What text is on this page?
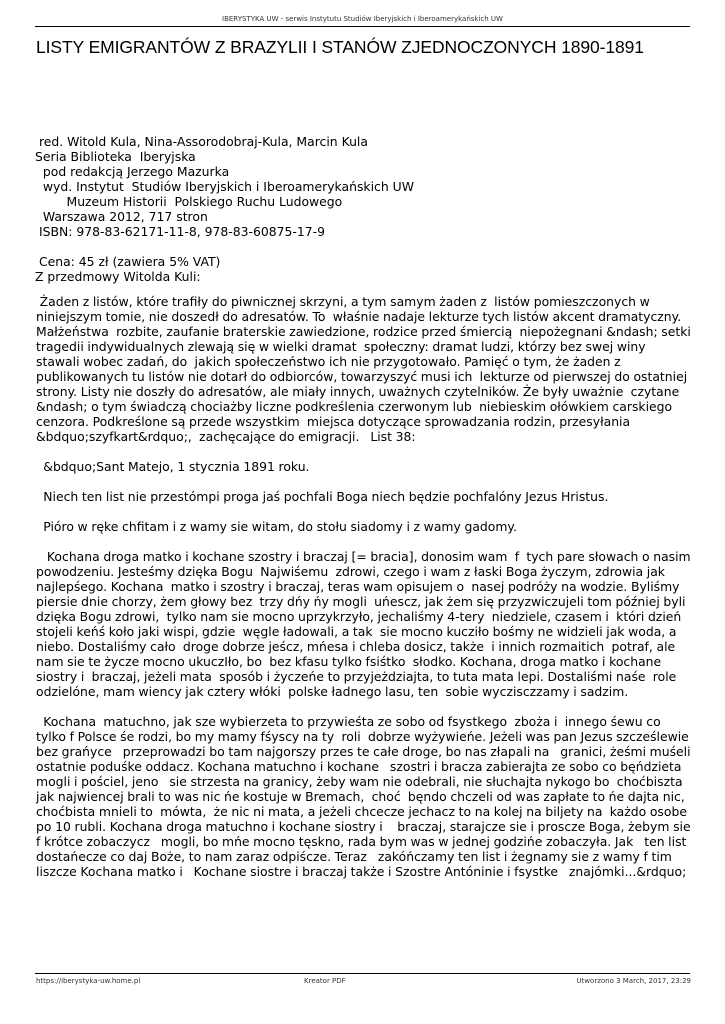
IBERYSTYKA UW - serwis Instytutu Studiów Iberyjskich i Iberoamerykańskich UW
LISTY EMIGRANTÓW Z BRAZYLII I STANÓW ZJEDNOCZONYCH 1890-1891
red. Witold Kula, Nina-Assorodobraj-Kula, Marcin Kula
Seria Biblioteka  Iberyjska
pod redakcją Jerzego Mazurka
wyd. Instytut  Studiów Iberyjskich i Iberoamerykańskich UW
Muzeum Historii  Polskiego Ruchu Ludowego
Warszawa 2012, 717 stron
ISBN: 978-83-62171-11-8, 978-83-60875-17-9

Cena: 45 zł (zawiera 5% VAT)
Z przedmowy Witolda Kuli:

Żaden z listów, które trafiły do piwnicznej skrzyni, a tym samym żaden z  listów pomieszczonych w niniejszym tomie, nie doszedł do adresatów. To  właśnie nadaje lekturze tych listów akcent dramatyczny. Małżeństwa  rozbite, zaufanie braterskie zawiedzione, rodzice przed śmiercią  niepożegnani &ndash; setki tragedii indywidualnych zlewają się w wielki dramat  społeczny: dramat ludzi, którzy bez swej winy stawali wobec zadań, do  jakich społeczeństwo ich nie przygotowało. Pamięć o tym, że żaden z publikowanych tu listów nie dotarł do odbiorców, towarzyszyć musi ich  lekturze od pierwszej do ostatniej strony. Listy nie doszły do adresatów, ale miały innych, uważnych czytelników. Że były uważnie  czytane &ndash; o tym świadczą chociażby liczne podkreślenia czerwonym lub  niebieskim ołówkiem carskiego cenzora. Podkreślone są przede wszystkim  miejsca dotyczące sprowadzania rodzin, przesyłania &bdquo;szyfkart&rdquo;,  zachęcające do emigracji.   List 38:

&bdquo;Sant Matejo, 1 stycznia 1891 roku.

Niech ten list nie przestómpi proga jaś pochfali Boga niech będzie pochfalóny Jezus Hristus.

Pióro w ręke chfitam i z wamy sie witam, do stołu siadomy i z wamy gadomy.

Kochana droga matko i kochane szostry i braczaj [= bracia], donosim wam  f  tych pare słowach o nasim powodzeniu. Jesteśmy dzięka Bogu  Najwiśemu  zdrowi, czego i wam z łaski Boga życzym, zdrowia jak  najlepśego. Kochana  matko i szostry i braczaj, teras wam opisujem o  nasej podróży na wodzie. Byliśmy piersie dnie chorzy, żem głowy bez  trzy dńy ńy mogli  uńescz, jak żem się przyzwiczujeli tom później byli  dzięka Bogu zdrowi,  tylko nam sie mocno uprzykrzyło, jechaliśmy 4-tery  niedziele, czasem i  któri dzień stojeli keńś koło jaki wispi, gdzie  węgle ładowali, a tak  sie mocno kucziło bośmy ne widzieli jak woda, a  niebo. Dostaliśmy cało  droge dobrze jeścz, mńesa i chleba dosicz, także  i innich rozmaitich  potraf, ale nam sie te życze mocno ukuczIło, bo  bez kfasu tylko fsiśtko  słodko. Kochana, droga matko i kochane siostry i  braczaj, jeżeli mata  sposób i życzeńe to przyjeżdziajta, to tuta mata lepi. Dostaliśmi naśe  role odzielóne, mam wiency jak cztery włóki  polske ładnego lasu, ten  sobie wyczisczzamy i sadzim.

Kochana  matuchno, jak sze wybierzeta to przywieśta ze sobo od fsystkego  zboża i  innego śewu co tylko f Polsce śe rodzi, bo my mamy fśyscy na ty  roli  dobrze wyżywieńe. Jeżeli was pan Jezus szcześlewie bez grańyce   przeprowadzi bo tam najgorszy przes te całe droge, bo nas złapali na   granici, żeśmi muśeli ostatnie poduśke oddacz. Kochana matuchno i kochane   szostri i bracza zabierajta ze sobo co bęńdzieta mogli i pościel, jeno   sie strzesta na granicy, żeby wam nie odebrali, nie słuchajta nykogo bo  choćbiszta jak najwiencej brali to was nic ńe kostuje w Bremach,  choć  bęndo chczeli od was zapłate to ńe dajta nic, choćbista mnieli to  mówta,  że nic ni mata, a jeżeli chcecze jechacz to na kolej na biljety na  każdo osobe po 10 rubli. Kochana droga matuchno i kochane siostry i    braczaj, starajcze sie i proscze Boga, żebym sie f krótce zobaczycz   mogli, bo mńe mocno tęskno, rada bym was w jednej godzińe zobaczyła. Jak   ten list dostańecze co daj Boże, to nam zaraz odpiścze. Teraz   zakóńczamy ten list i żegnamy sie z wamy f tim liszcze Kochana matko i   Kochane siostre i braczaj także i Szostre Antóninie i fsystke   znajómki...&rdquo;

https://iberystyka-uw.home.pl	Kreator PDF	Utworzono 3 March, 2017, 23:29
